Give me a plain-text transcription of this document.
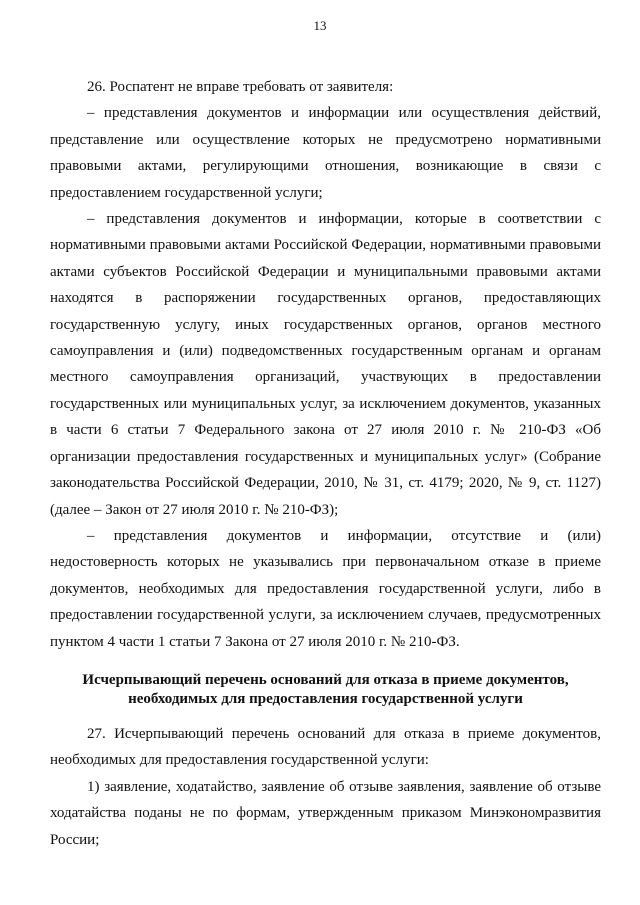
13

26. Роспатент не вправе требовать от заявителя:

– представления документов и информации или осуществления действий, представление или осуществление которых не предусмотрено нормативными правовыми актами, регулирующими отношения, возникающие в связи с предоставлением государственной услуги;

– представления документов и информации, которые в соответствии с нормативными правовыми актами Российской Федерации, нормативными правовыми актами субъектов Российской Федерации и муниципальными правовыми актами находятся в распоряжении государственных органов, предоставляющих государственную услугу, иных государственных органов, органов местного самоуправления и (или) подведомственных государственным органам и органам местного самоуправления организаций, участвующих в предоставлении государственных или муниципальных услуг, за исключением документов, указанных в части 6 статьи 7 Федерального закона от 27 июля 2010 г. № 210-ФЗ «Об организации предоставления государственных и муниципальных услуг» (Собрание законодательства Российской Федерации, 2010, № 31, ст. 4179; 2020, № 9, ст. 1127) (далее – Закон от 27 июля 2010 г. № 210-ФЗ);

– представления документов и информации, отсутствие и (или) недостоверность которых не указывались при первоначальном отказе в приеме документов, необходимых для предоставления государственной услуги, либо в предоставлении государственной услуги, за исключением случаев, предусмотренных пунктом 4 части 1 статьи 7 Закона от 27 июля 2010 г. № 210-ФЗ.

Исчерпывающий перечень оснований для отказа в приеме документов,
необходимых для предоставления государственной услуги

27. Исчерпывающий перечень оснований для отказа в приеме документов, необходимых для предоставления государственной услуги:

1) заявление, ходатайство, заявление об отзыве заявления, заявление об отзыве ходатайства поданы не по формам, утвержденным приказом Минэкономразвития России;
